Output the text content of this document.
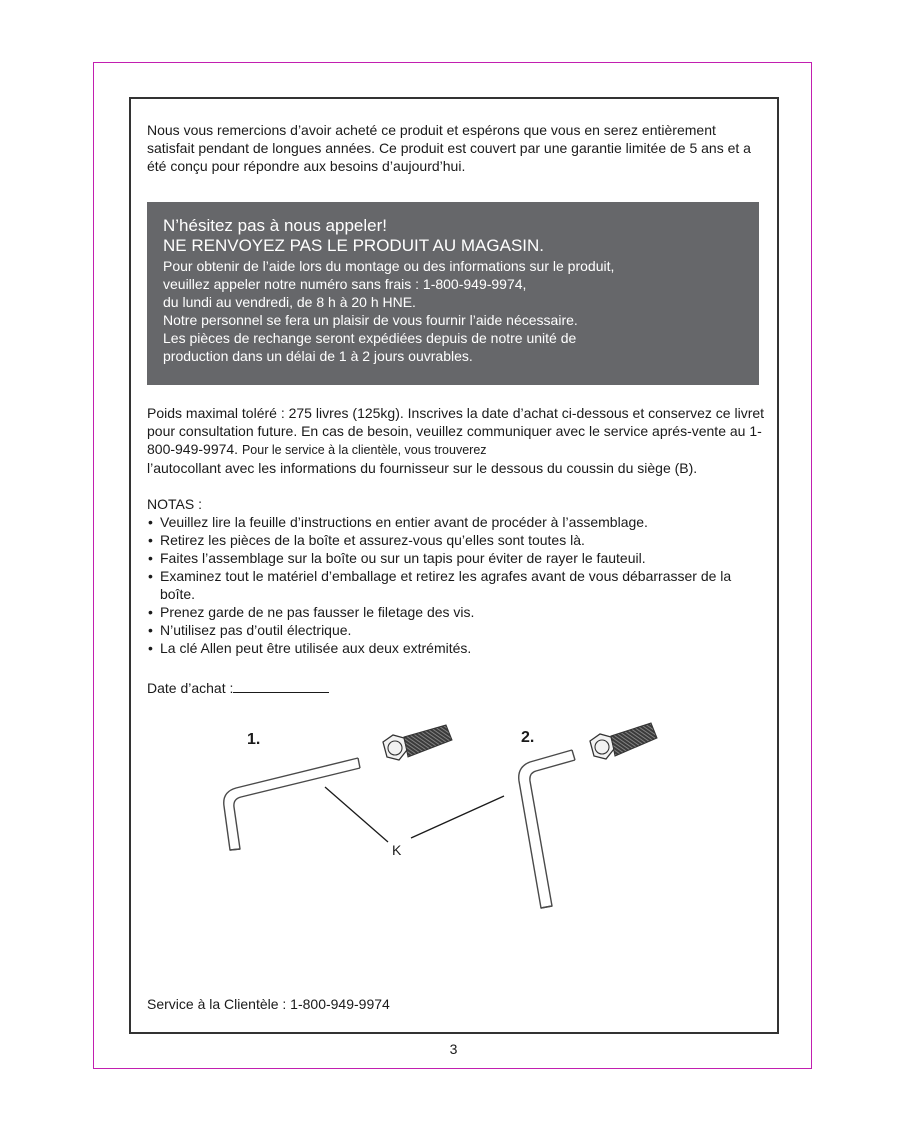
Nous vous remercions d’avoir acheté ce produit et espérons que vous en serez entièrement satisfait pendant de longues années. Ce produit est couvert par une garantie limitée de 5 ans et a été conçu pour répondre aux besoins d’aujourd’hui.

N’hésitez pas à nous appeler!

NE RENVOYEZ PAS LE PRODUIT AU MAGASIN.

Pour obtenir de l’aide lors du montage ou des informations sur le produit,

veuillez appeler notre numéro sans frais : 1-800-949-9974,

du lundi au vendredi, de 8 h à 20 h HNE.

Notre personnel se fera un plaisir de vous fournir l’aide nécessaire.

Les pièces de rechange seront expédiées depuis de notre unité de

production dans un délai de 1 à 2 jours ouvrables.

Poids maximal toléré : 275 livres (125kg). Inscrives la date d’achat ci-dessous et conservez ce livret pour consultation future. En cas de besoin, veuillez communiquer avec le service aprés-vente au 1-800-949-9974. Pour le service à la clientèle, vous trouverez
l’autocollant avec les informations du fournisseur sur le dessous du coussin du siège (B).

NOTAS :

• Veuillez lire la feuille d’instructions en entier avant de procéder à l’assemblage.
• Retirez les pièces de la boîte et assurez-vous qu’elles sont toutes là.
• Faites l’assemblage sur la boîte ou sur un tapis pour éviter de rayer le fauteuil.
• Examinez tout le matériel d’emballage et retirez les agrafes avant de vous débarrasser de la boîte.
• Prenez garde de ne pas fausser le filetage des vis.
• N’utilisez pas d’outil électrique.
• La clé Allen peut être utilisée aux deux extrémités.

Date d’achat :

1.	2.
K

Service à la Clientèle : 1-800-949-9974

3
